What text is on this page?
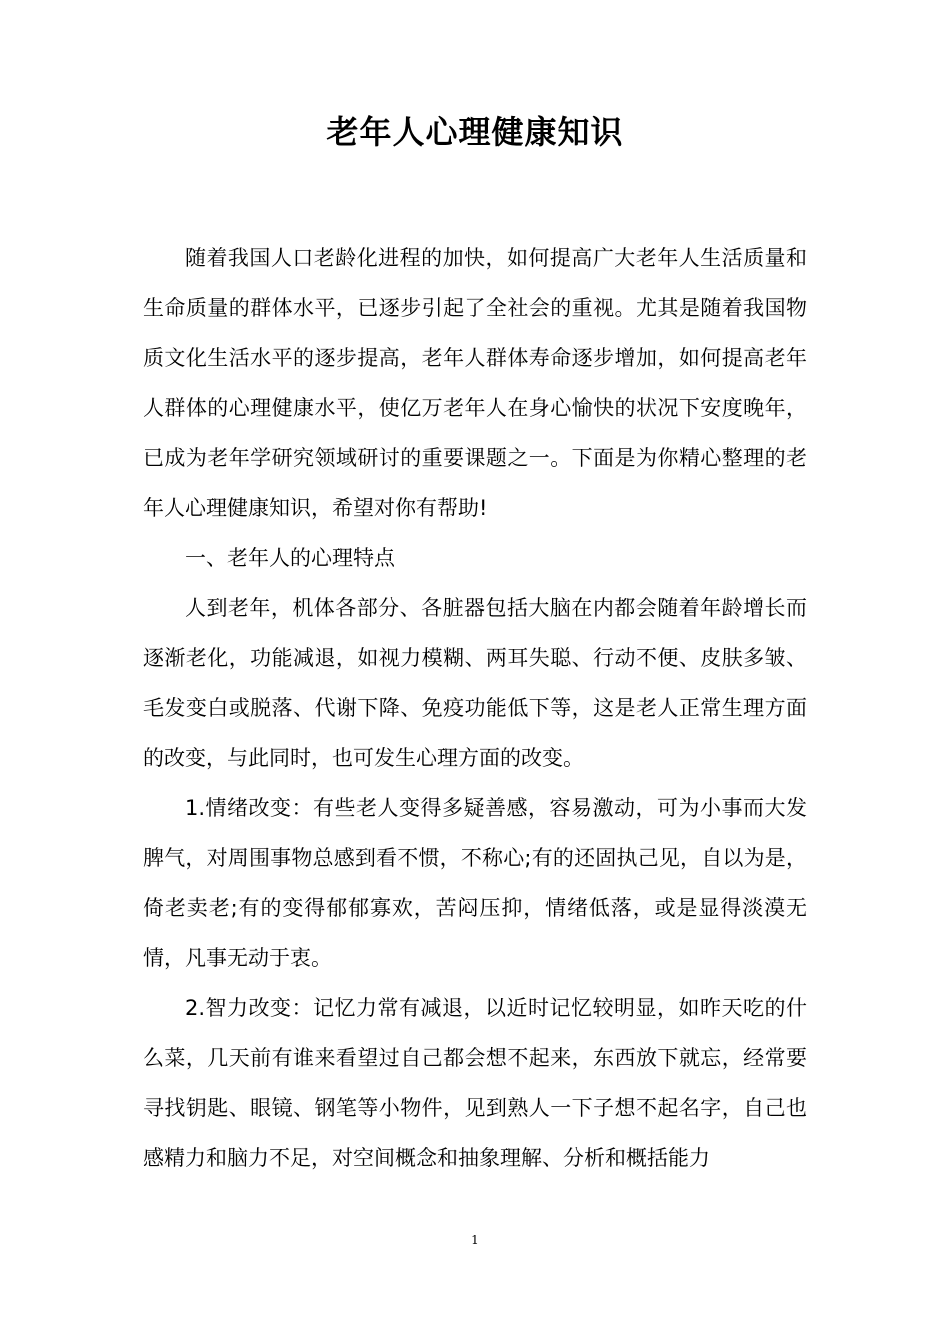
老年人心理健康知识

随着我国人口老龄化进程的加快，如何提高广大老年人生活质量和生命质量的群体水平，已逐步引起了全社会的重视。尤其是随着我国物质文化生活水平的逐步提高，老年人群体寿命逐步增加，如何提高老年人群体的心理健康水平，使亿万老年人在身心愉快的状况下安度晚年，已成为老年学研究领域研讨的重要课题之一。下面是为你精心整理的老年人心理健康知识，希望对你有帮助!

一、老年人的心理特点

人到老年，机体各部分、各脏器包括大脑在内都会随着年龄增长而逐渐老化，功能减退，如视力模糊、两耳失聪、行动不便、皮肤多皱、毛发变白或脱落、代谢下降、免疫功能低下等，这是老人正常生理方面的改变，与此同时，也可发生心理方面的改变。

1.情绪改变：有些老人变得多疑善感，容易激动，可为小事而大发脾气，对周围事物总感到看不惯，不称心;有的还固执己见，自以为是，倚老卖老;有的变得郁郁寡欢，苦闷压抑，情绪低落，或是显得淡漠无情，凡事无动于衷。

2.智力改变：记忆力常有减退，以近时记忆较明显，如昨天吃的什么菜，几天前有谁来看望过自己都会想不起来，东西放下就忘，经常要寻找钥匙、眼镜、钢笔等小物件，见到熟人一下子想不起名字，自己也感精力和脑力不足，对空间概念和抽象理解、分析和概括能力

1
